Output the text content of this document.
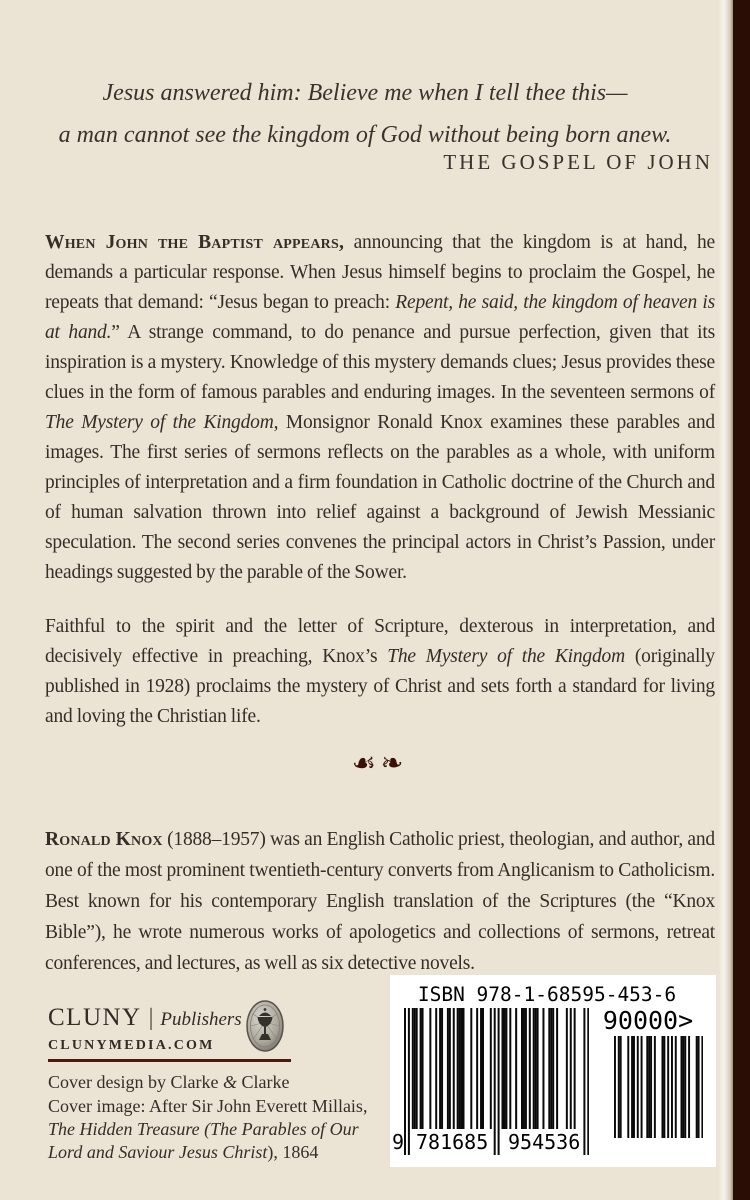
Jesus answered him: Believe me when I tell thee this—
a man cannot see the kingdom of God without being born anew.
THE GOSPEL OF JOHN

When John the Baptist appears, announcing that the kingdom is at hand, he demands a particular response. When Jesus himself begins to proclaim the Gospel, he repeats that demand: “Jesus began to preach: Repent, he said, the kingdom of heaven is at hand.” A strange command, to do penance and pursue perfection, given that its inspiration is a mystery. Knowledge of this mystery demands clues; Jesus provides these clues in the form of famous parables and enduring images. In the seventeen sermons of The Mystery of the Kingdom, Monsignor Ronald Knox examines these parables and images. The first series of sermons reflects on the parables as a whole, with uniform principles of interpretation and a firm foundation in Catholic doctrine of the Church and of human salvation thrown into relief against a background of Jewish Messianic speculation. The second series convenes the principal actors in Christ’s Passion, under headings suggested by the parable of the Sower.

Faithful to the spirit and the letter of Scripture, dexterous in interpretation, and decisively effective in preaching, Knox’s The Mystery of the Kingdom (originally published in 1928) proclaims the mystery of Christ and sets forth a standard for living and loving the Christian life.

☙❧

Ronald Knox (1888–1957) was an English Catholic priest, theologian, and author, and one of the most prominent twentieth-century converts from Anglicanism to Catholicism. Best known for his contemporary English translation of the Scriptures (the “Knox Bible”), he wrote numerous works of apologetics and collections of sermons, retreat conferences, and lectures, as well as six detective novels.

CLUNY | Publishers
CLUNYMEDIA.COM
Cover design by Clarke & Clarke
Cover image: After Sir John Everett Millais,
The Hidden Treasure (The Parables of Our
Lord and Saviour Jesus Christ), 1864
ISBN 978-1-68595-453-6
90000>
9 781685 954536
